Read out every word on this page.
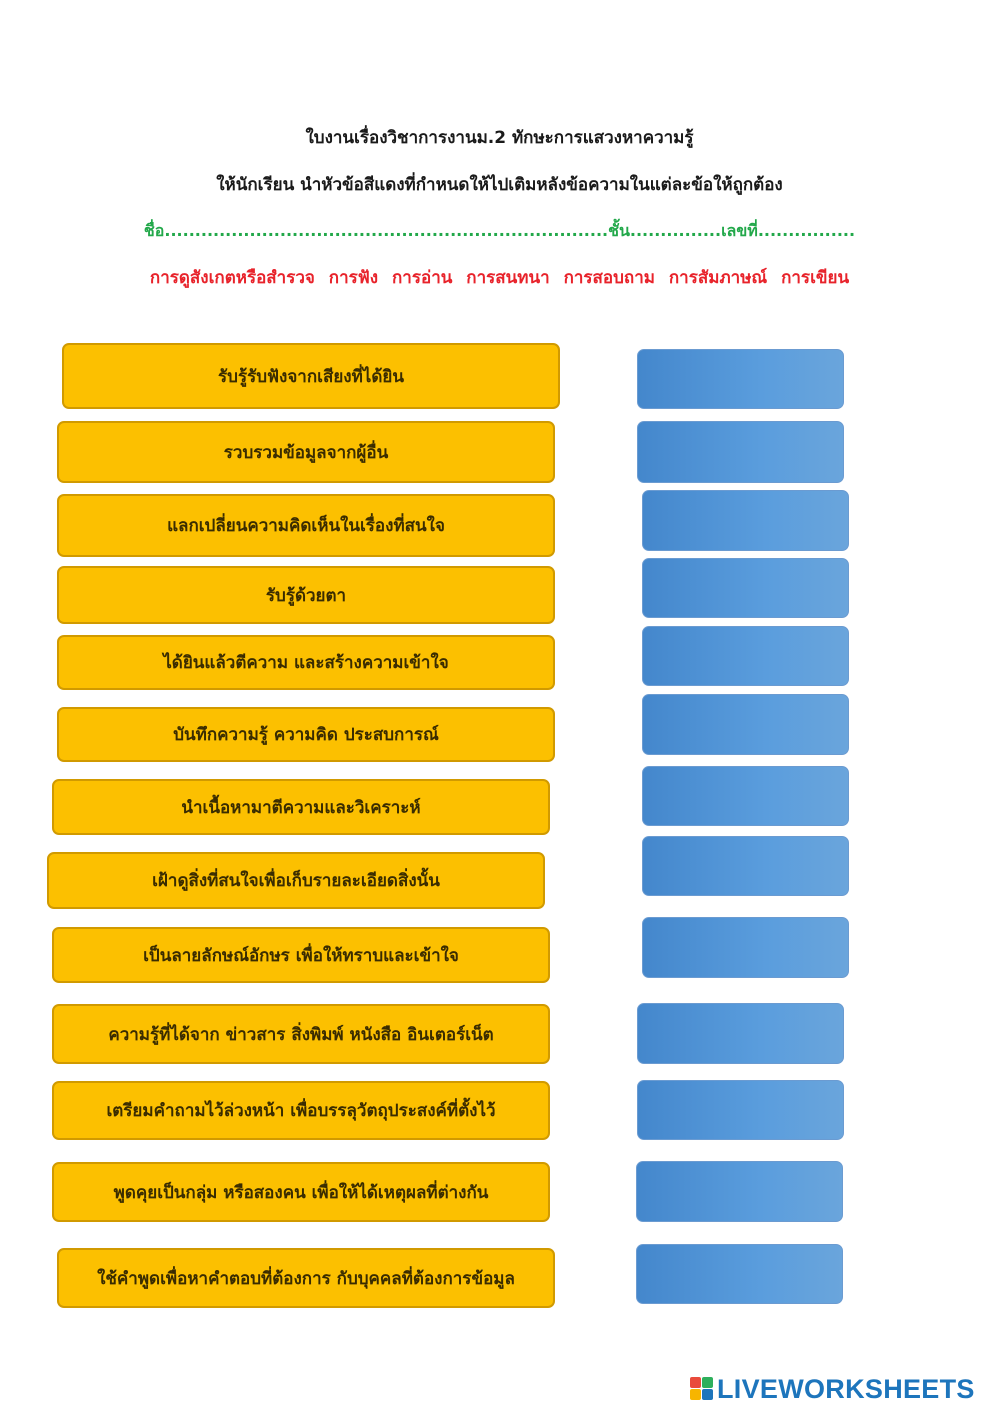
ใบงานเรื่องวิชาการงานม.2 ทักษะการแสวงหาความรู้
ให้นักเรียน นำหัวข้อสีแดงที่กำหนดให้ไปเติมหลังข้อความในแต่ละข้อให้ถูกต้อง
ชื่อ.........................................................................ชั้น...............เลขที่................
การดูสังเกตหรือสำรวจ การฟัง การอ่าน การสนทนา การสอบถาม การสัมภาษณ์ การเขียน
รับรู้รับฟังจากเสียงที่ได้ยิน
รวบรวมข้อมูลจากผู้อื่น
แลกเปลี่ยนความคิดเห็นในเรื่องที่สนใจ
รับรู้ด้วยตา
ได้ยินแล้วตีความ และสร้างความเข้าใจ
บันทึกความรู้ ความคิด ประสบการณ์
นำเนื้อหามาตีความและวิเคราะห์
เฝ้าดูสิ่งที่สนใจเพื่อเก็บรายละเอียดสิ่งนั้น
เป็นลายลักษณ์อักษร เพื่อให้ทราบและเข้าใจ
ความรู้ที่ได้จาก ข่าวสาร สิ่งพิมพ์ หนังสือ อินเตอร์เน็ต
เตรียมคำถามไว้ล่วงหน้า เพื่อบรรลุวัตถุประสงค์ที่ตั้งไว้
พูดคุยเป็นกลุ่ม หรือสองคน เพื่อให้ได้เหตุผลที่ต่างกัน
ใช้คำพูดเพื่อหาคำตอบที่ต้องการ กับบุคคลที่ต้องการข้อมูล
LIVEWORKSHEETS
